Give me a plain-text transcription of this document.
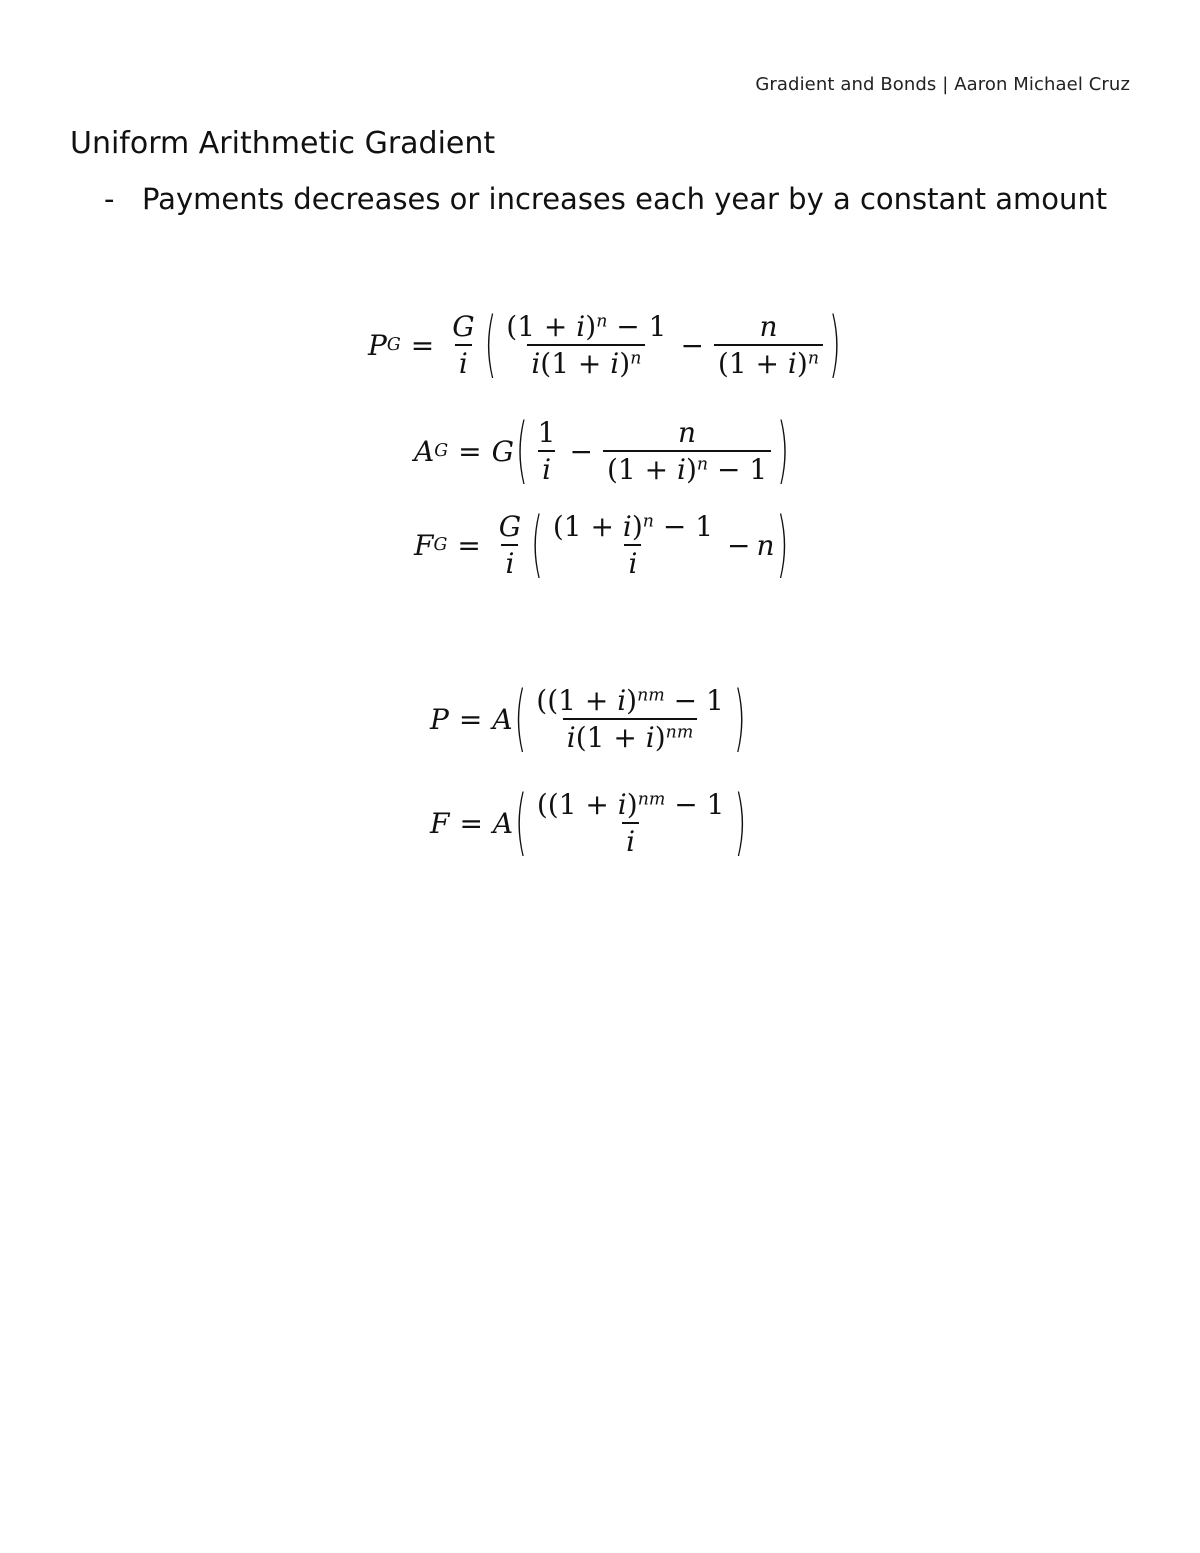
Gradient and Bonds | Aaron Michael Cruz
Uniform Arithmetic Gradient
- Payments decreases or increases each year by a constant amount
P $G = \frac{G}{i}$ ( $\frac{(1 + i)^n - 1}{i(1 + i)^n} - \frac{n}{(1 + i)^n}$ )
A G = G ( $\frac{1}{i} - \frac{n}{(1 + i)^n - 1}$ )
F $G = \frac{G}{i}$ ( $\frac{(1 + i)^n - 1}{i} - n$ )
P = A ( $\frac{((1 + i)^{nm} - 1}{i(1 + i)^{nm}}$ )
F = A ( $\frac{((1 + i)^{nm} - 1}{i}$ )
